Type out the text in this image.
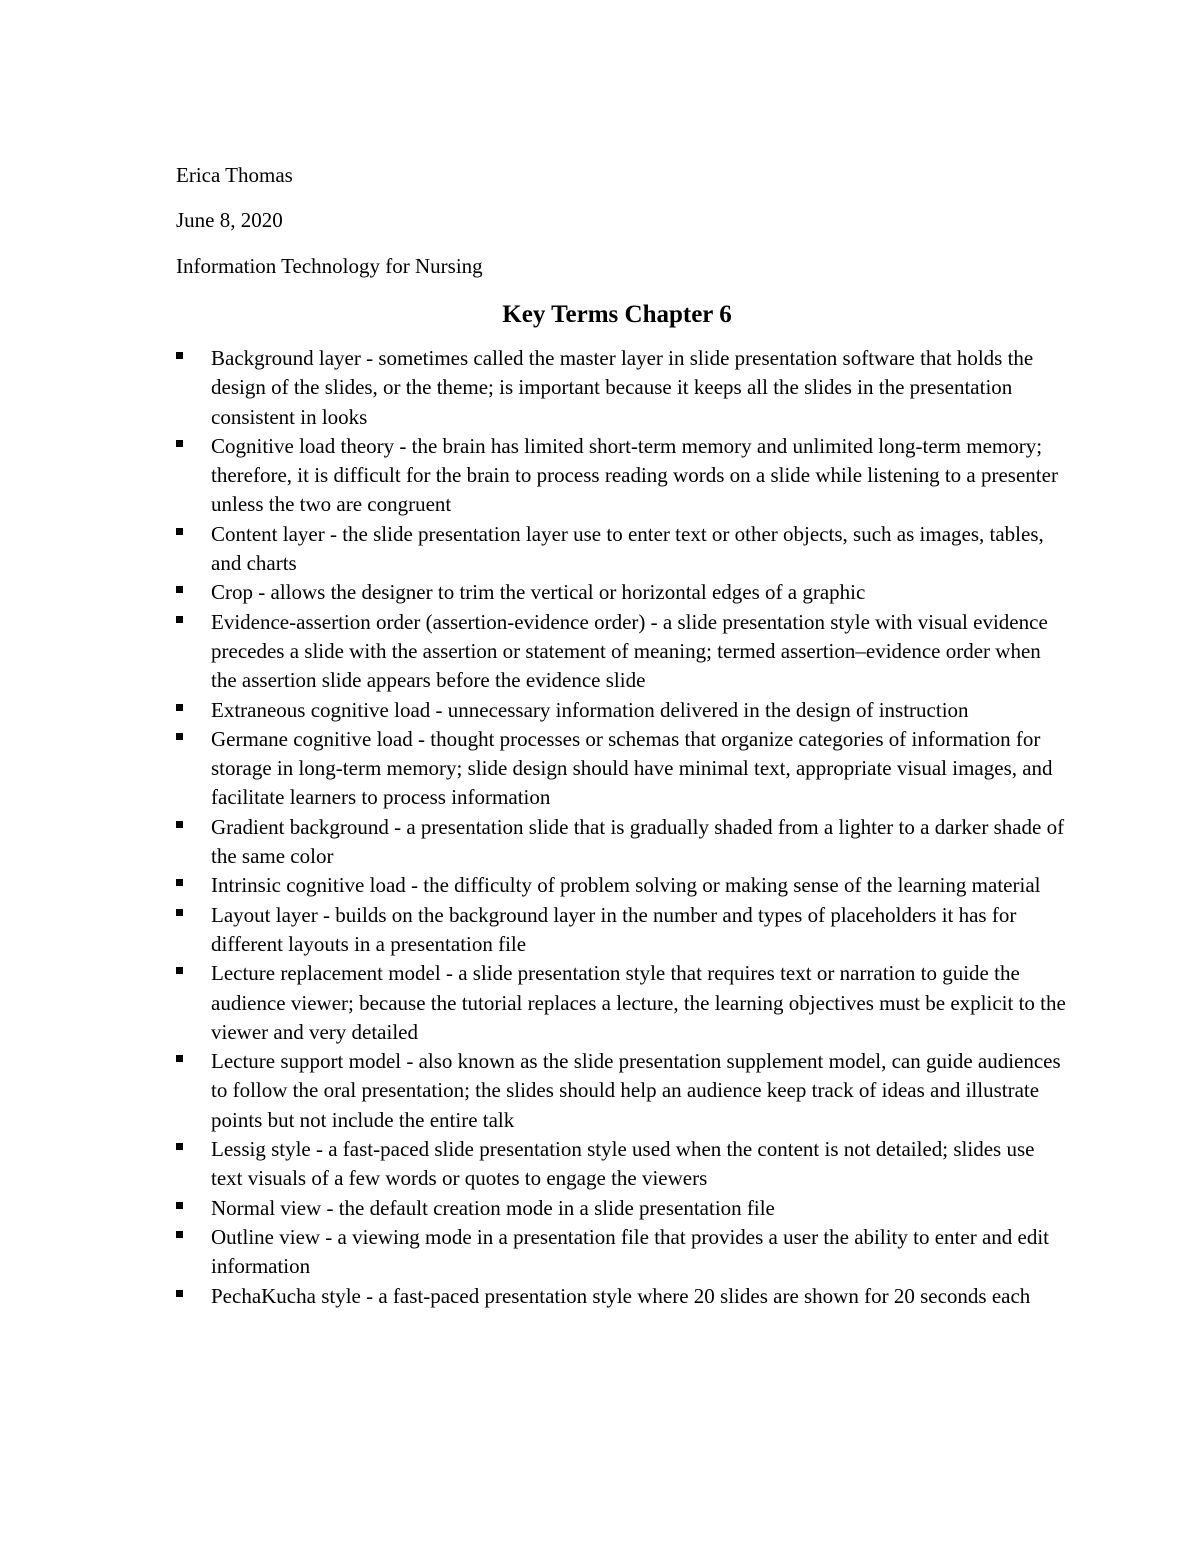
Erica Thomas
June 8, 2020
Information Technology for Nursing
Key Terms Chapter 6
Background layer - sometimes called the master layer in slide presentation software that holds the design of the slides, or the theme; is important because it keeps all the slides in the presentation consistent in looks
Cognitive load theory - the brain has limited short-term memory and unlimited long-term memory; therefore, it is difficult for the brain to process reading words on a slide while listening to a presenter unless the two are congruent
Content layer - the slide presentation layer use to enter text or other objects, such as images, tables, and charts
Crop - allows the designer to trim the vertical or horizontal edges of a graphic
Evidence-assertion order (assertion-evidence order) - a slide presentation style with visual evidence precedes a slide with the assertion or statement of meaning; termed assertion–evidence order when the assertion slide appears before the evidence slide
Extraneous cognitive load - unnecessary information delivered in the design of instruction
Germane cognitive load - thought processes or schemas that organize categories of information for storage in long-term memory; slide design should have minimal text, appropriate visual images, and facilitate learners to process information
Gradient background - a presentation slide that is gradually shaded from a lighter to a darker shade of the same color
Intrinsic cognitive load - the difficulty of problem solving or making sense of the learning material
Layout layer - builds on the background layer in the number and types of placeholders it has for different layouts in a presentation file
Lecture replacement model - a slide presentation style that requires text or narration to guide the audience viewer; because the tutorial replaces a lecture, the learning objectives must be explicit to the viewer and very detailed
Lecture support model - also known as the slide presentation supplement model, can guide audiences to follow the oral presentation; the slides should help an audience keep track of ideas and illustrate points but not include the entire talk
Lessig style - a fast-paced slide presentation style used when the content is not detailed; slides use text visuals of a few words or quotes to engage the viewers
Normal view - the default creation mode in a slide presentation file
Outline view - a viewing mode in a presentation file that provides a user the ability to enter and edit information
PechaKucha style - a fast-paced presentation style where 20 slides are shown for 20 seconds each
